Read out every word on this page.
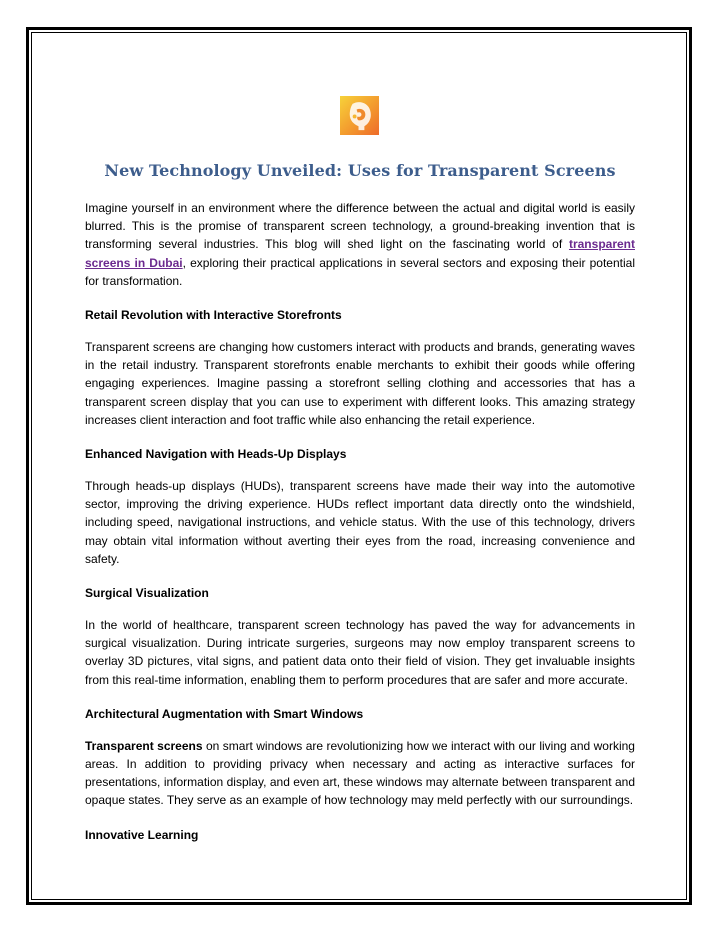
New Technology Unveiled: Uses for Transparent Screens

Imagine yourself in an environment where the difference between the actual and digital world is easily blurred. This is the promise of transparent screen technology, a ground-breaking invention that is transforming several industries. This blog will shed light on the fascinating world of transparent screens in Dubai, exploring their practical applications in several sectors and exposing their potential for transformation.

Retail Revolution with Interactive Storefronts

Transparent screens are changing how customers interact with products and brands, generating waves in the retail industry. Transparent storefronts enable merchants to exhibit their goods while offering engaging experiences. Imagine passing a storefront selling clothing and accessories that has a transparent screen display that you can use to experiment with different looks. This amazing strategy increases client interaction and foot traffic while also enhancing the retail experience.

Enhanced Navigation with Heads-Up Displays

Through heads-up displays (HUDs), transparent screens have made their way into the automotive sector, improving the driving experience. HUDs reflect important data directly onto the windshield, including speed, navigational instructions, and vehicle status. With the use of this technology, drivers may obtain vital information without averting their eyes from the road, increasing convenience and safety.

Surgical Visualization

In the world of healthcare, transparent screen technology has paved the way for advancements in surgical visualization. During intricate surgeries, surgeons may now employ transparent screens to overlay 3D pictures, vital signs, and patient data onto their field of vision. They get invaluable insights from this real-time information, enabling them to perform procedures that are safer and more accurate.

Architectural Augmentation with Smart Windows

Transparent screens on smart windows are revolutionizing how we interact with our living and working areas. In addition to providing privacy when necessary and acting as interactive surfaces for presentations, information display, and even art, these windows may alternate between transparent and opaque states. They serve as an example of how technology may meld perfectly with our surroundings.

Innovative Learning
